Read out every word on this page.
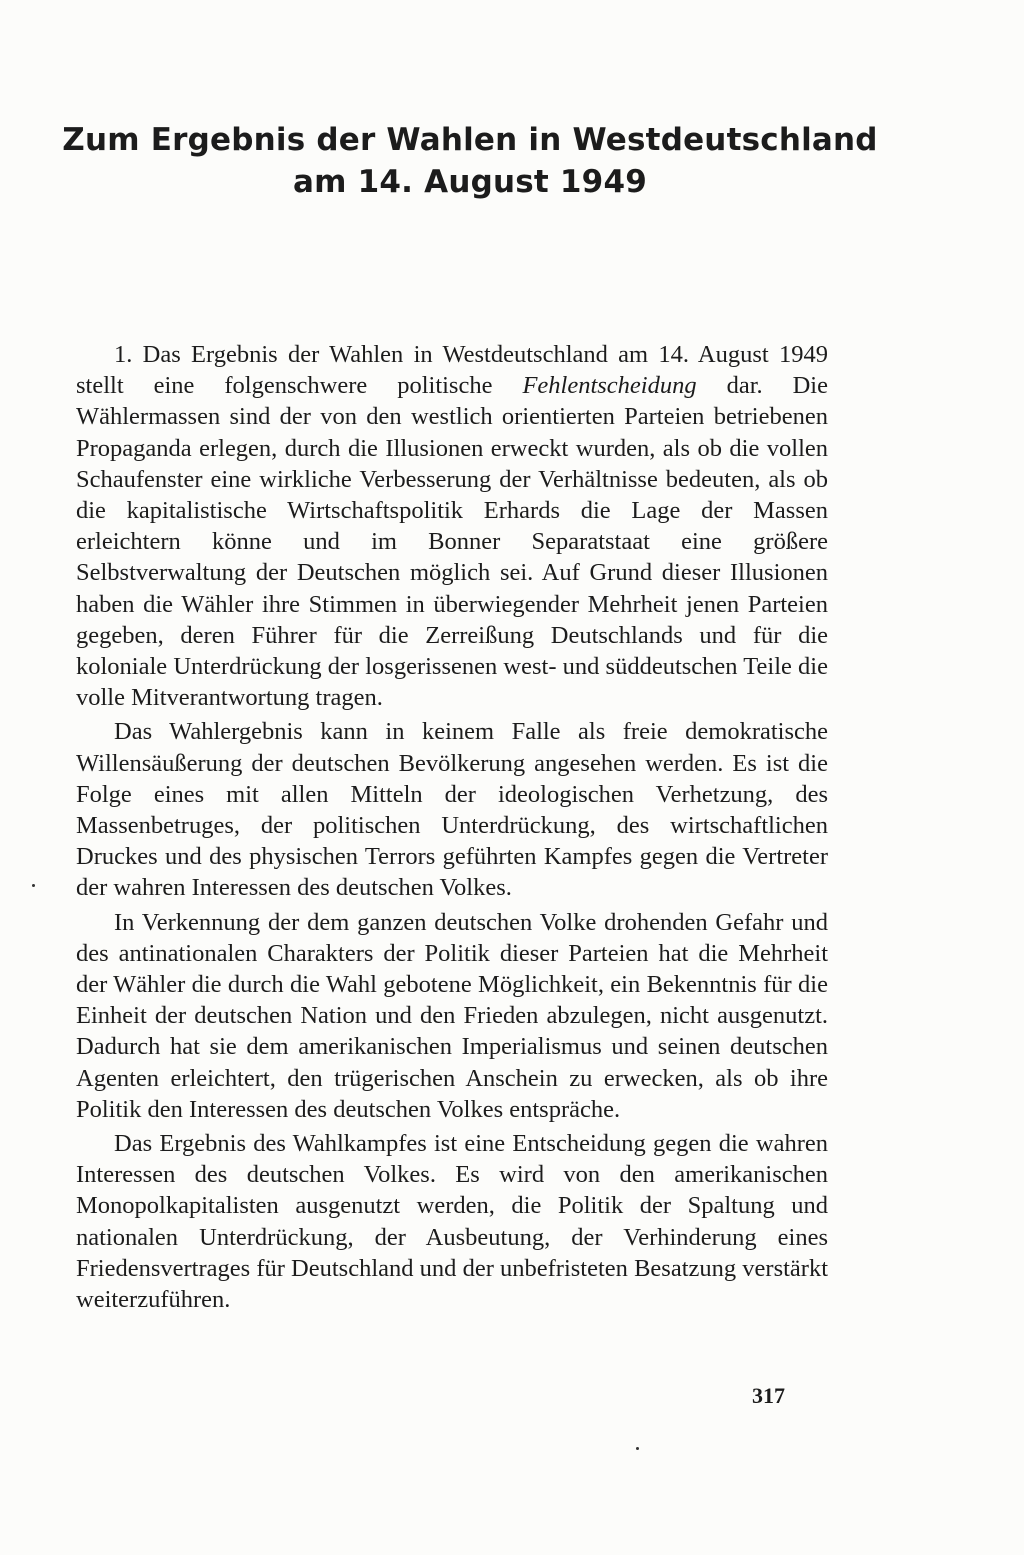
Zum Ergebnis der Wahlen in Westdeutschland
am 14. August 1949

1. Das Ergebnis der Wahlen in Westdeutschland am 14. August 1949 stellt eine folgenschwere politische Fehlentscheidung dar. Die Wählermassen sind der von den westlich orientierten Parteien betriebenen Propaganda erlegen, durch die Illusionen erweckt wurden, als ob die vollen Schaufenster eine wirkliche Verbesserung der Verhältnisse bedeuten, als ob die kapitalistische Wirtschaftspolitik Erhards die Lage der Massen erleichtern könne und im Bonner Separatstaat eine größere Selbstverwaltung der Deutschen möglich sei. Auf Grund dieser Illusionen haben die Wähler ihre Stimmen in überwiegender Mehrheit jenen Parteien gegeben, deren Führer für die Zerreißung Deutschlands und für die koloniale Unterdrückung der losgerissenen west- und süddeutschen Teile die volle Mitverantwortung tragen.

Das Wahlergebnis kann in keinem Falle als freie demokratische Willensäußerung der deutschen Bevölkerung angesehen werden. Es ist die Folge eines mit allen Mitteln der ideologischen Verhetzung, des Massenbetruges, der politischen Unterdrückung, des wirtschaftlichen Druckes und des physischen Terrors geführten Kampfes gegen die Vertreter der wahren Interessen des deutschen Volkes.

In Verkennung der dem ganzen deutschen Volke drohenden Gefahr und des antinationalen Charakters der Politik dieser Parteien hat die Mehrheit der Wähler die durch die Wahl gebotene Möglichkeit, ein Bekenntnis für die Einheit der deutschen Nation und den Frieden abzulegen, nicht ausgenutzt. Dadurch hat sie dem amerikanischen Imperialismus und seinen deutschen Agenten erleichtert, den trügerischen Anschein zu erwecken, als ob ihre Politik den Interessen des deutschen Volkes entspräche.

Das Ergebnis des Wahlkampfes ist eine Entscheidung gegen die wahren Interessen des deutschen Volkes. Es wird von den amerikanischen Monopolkapitalisten ausgenutzt werden, die Politik der Spaltung und nationalen Unterdrückung, der Ausbeutung, der Verhinderung eines Friedensvertrages für Deutschland und der unbefristeten Besatzung verstärkt weiterzuführen.

317
